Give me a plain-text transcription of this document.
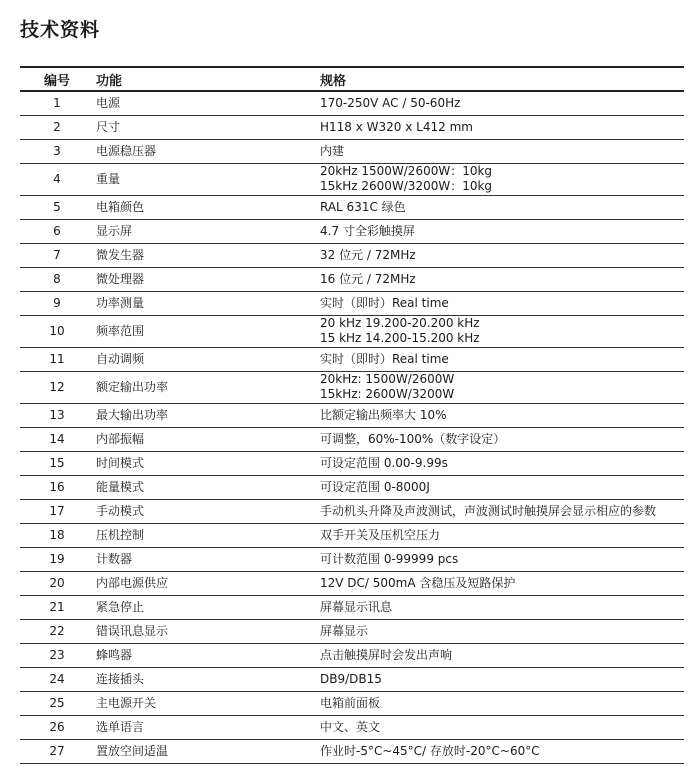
技术资料
编号	功能	规格
1	电源	170-250V AC / 50-60Hz

2	尺寸	H118 x W320 x L412 mm

3	电源稳压器	内建

4	重量	20kHz 1500W/2600W：10kg
15kHz 2600W/3200W：10kg

5	电箱颜色	RAL 631C 绿色

6	显示屏	4.7 寸全彩触摸屏

7	微发生器	32 位元 / 72MHz

8	微处理器	16 位元 / 72MHz

9	功率测量	实时（即时）Real time

10	频率范围	20 kHz 19.200-20.200 kHz
15 kHz 14.200-15.200 kHz

11	自动调频	实时（即时）Real time

12	额定输出功率	20kHz: 1500W/2600W
15kHz: 2600W/3200W

13	最大输出功率	比额定输出频率大 10%

14	内部振幅	可调整，60%-100%（数字设定）

15	时间模式	可设定范围 0.00-9.99s

16	能量模式	可设定范围 0-8000J

17	手动模式	手动机头升降及声波测试，声波测试时触摸屏会显示相应的参数

18	压机控制	双手开关及压机空压力

19	计数器	可计数范围 0-99999 pcs

20	内部电源供应	12V DC/ 500mA 含稳压及短路保护

21	紧急停止	屏幕显示讯息

22	错误讯息显示	屏幕显示

23	蜂鸣器	点击触摸屏时会发出声响

24	连接插头	DB9/DB15

25	主电源开关	电箱前面板

26	选单语言	中文、英文

27	置放空间适温	作业时-5°C~45°C/ 存放时-20°C~60°C
